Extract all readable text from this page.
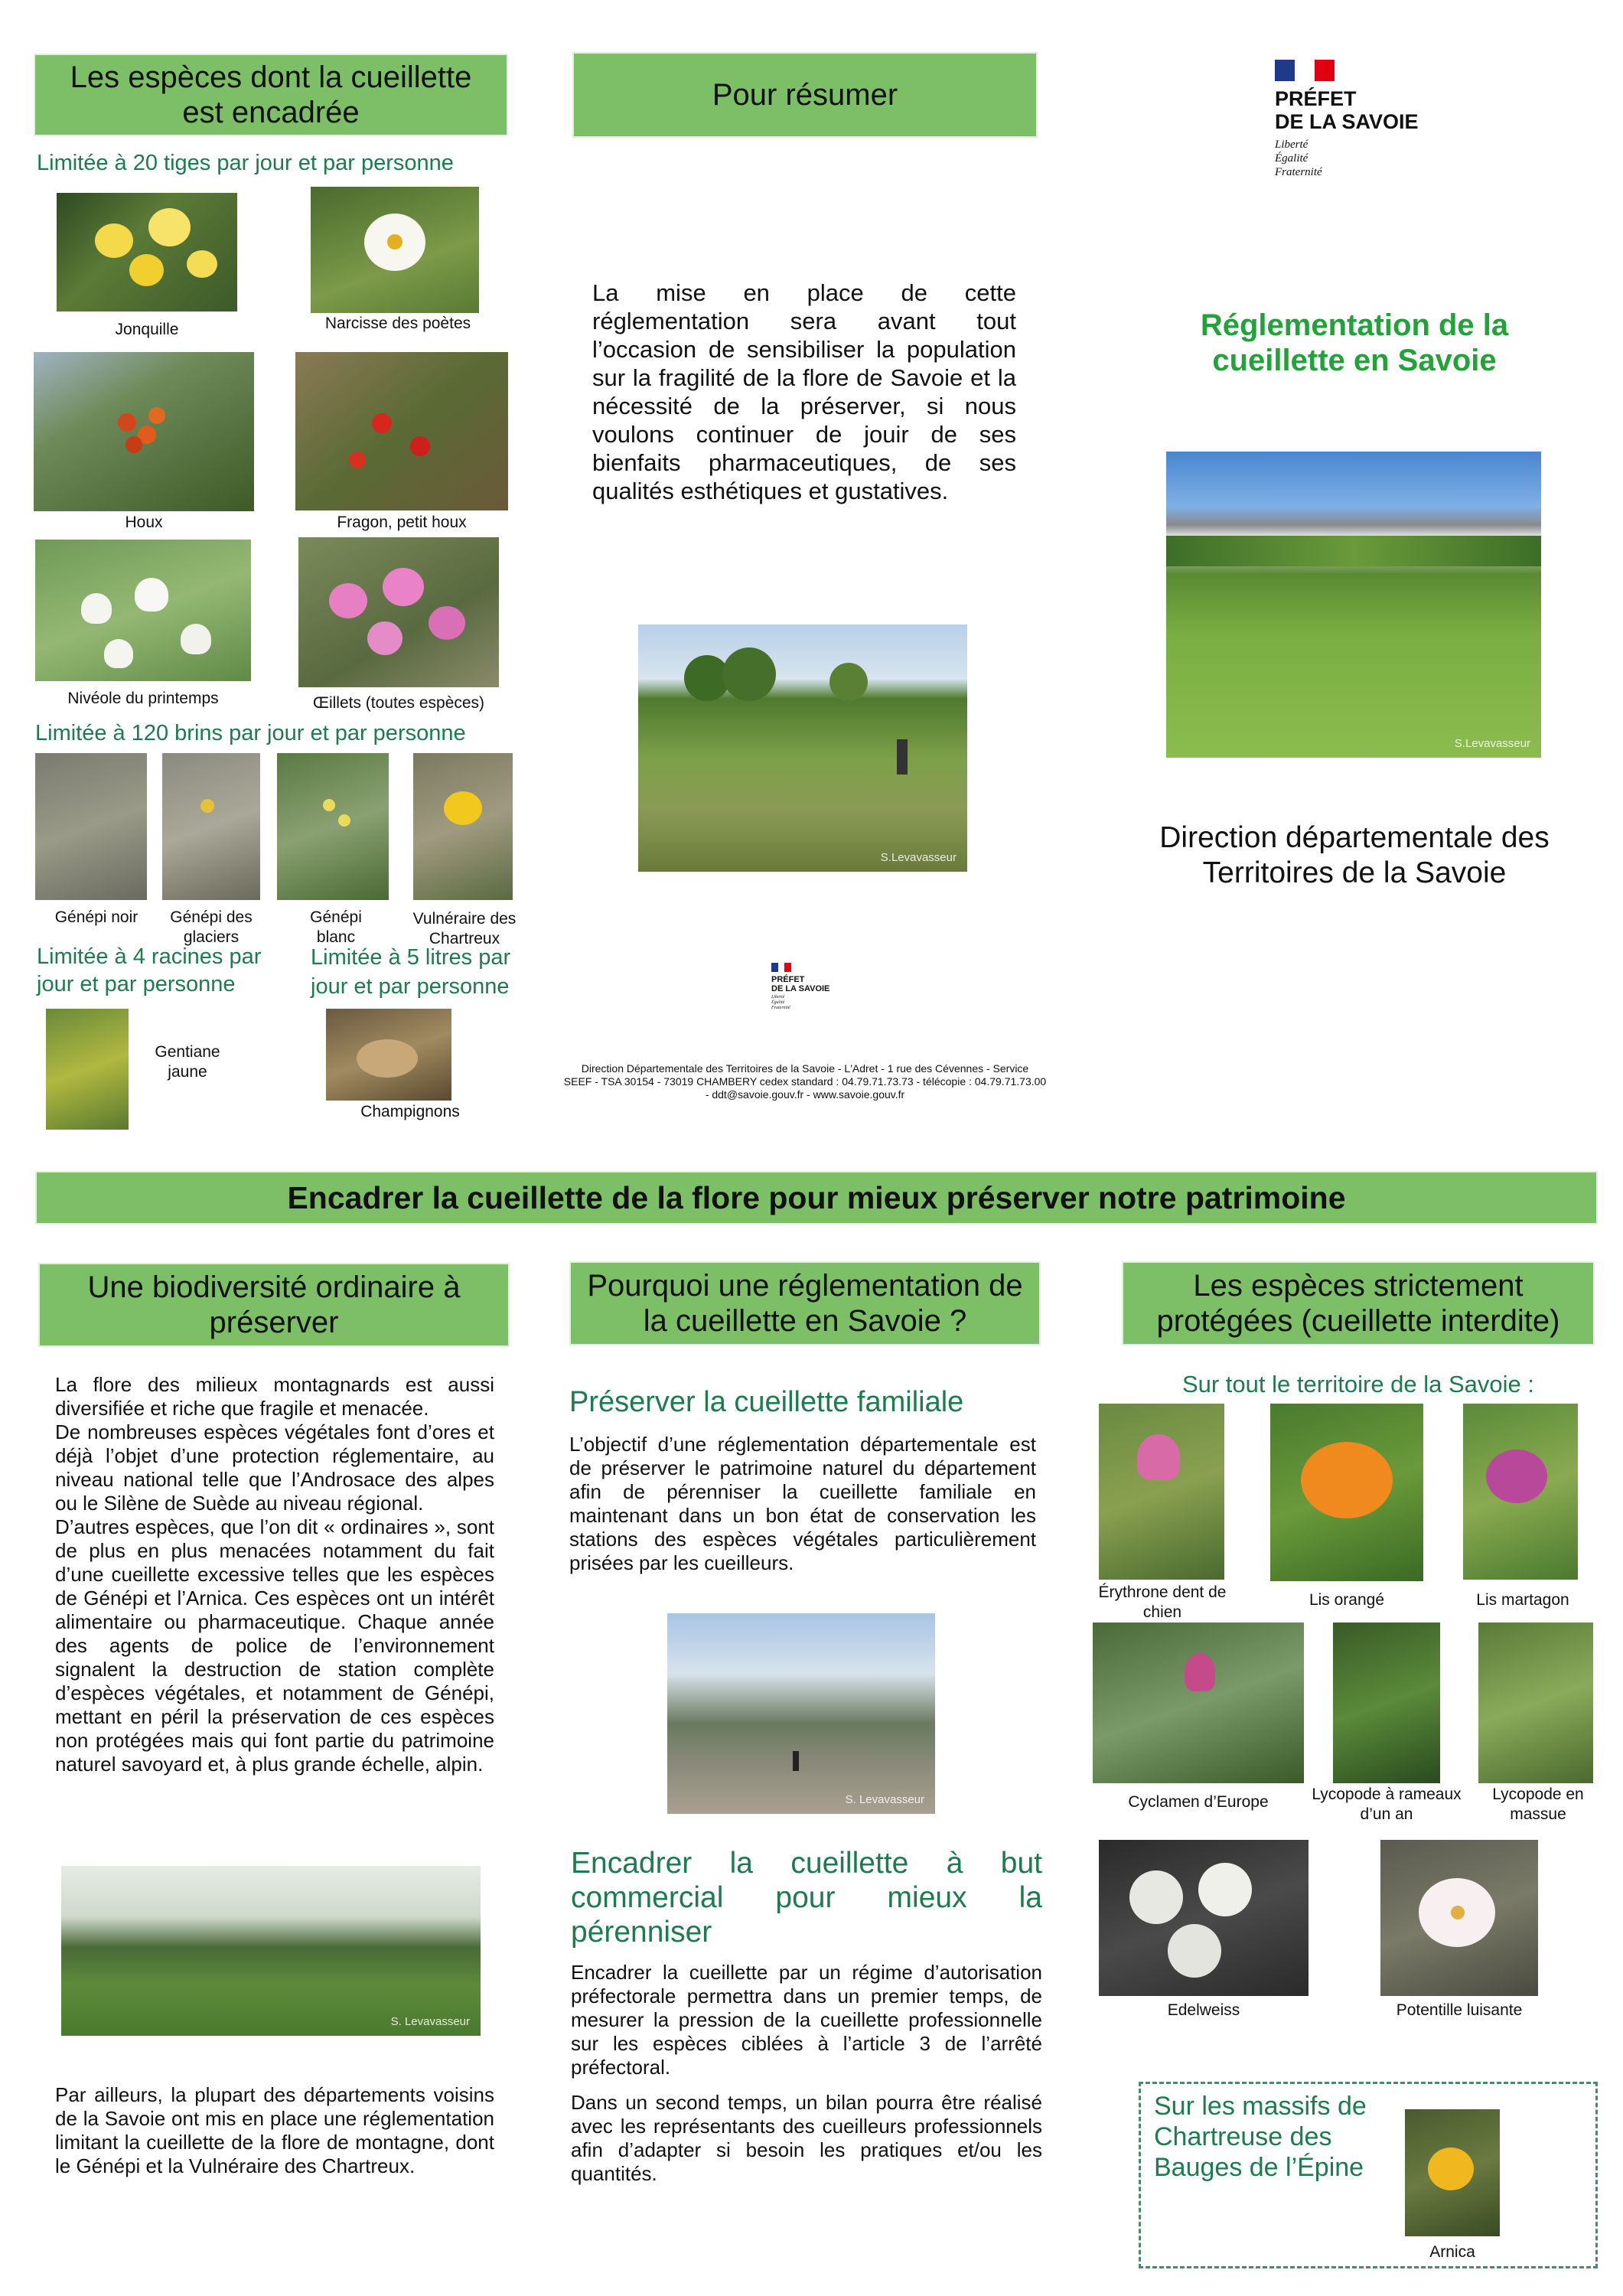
Les espèces dont la cueillette est encadrée
Limitée à 20 tiges par jour et par personne
Jonquille	Narcisse des poètes
Houx	Fragon, petit houx
Nivéole du printemps	Œillets (toutes espèces)
Limitée à 120 brins par jour et par personne
Génépi noir	Génépi des glaciers
Génépi blanc
Vulnéraire des Chartreux
Limitée à 4 racines par jour et par personne
Limitée à 5 litres par jour et par personne
Gentiane jaune
Champignons
Pour résumer
La mise en place de cette réglementation sera avant tout l’occasion de sensibiliser la population sur la fragilité de la flore de Savoie et la nécessité de la préserver, si nous voulons continuer de jouir de ses bienfaits pharmaceutiques, de ses qualités esthétiques et gustatives.
S.Levavasseur
PRÉFET
DE LA SAVOIE
Liberté
Égalité
Fraternité
Direction Départementale des Territoires de la Savoie - L'Adret - 1 rue des Cévennes - Service
SEEF - TSA 30154 - 73019 CHAMBERY cedex standard : 04.79.71.73.73 - télécopie : 04.79.71.73.00
- ddt@savoie.gouv.fr - www.savoie.gouv.fr
PRÉFET
DE LA SAVOIE
Liberté
Égalité
Fraternité
Réglementation de la cueillette en Savoie
S.Levavasseur
Direction départementale des Territoires de la Savoie
Encadrer la cueillette de la flore pour mieux préserver notre patrimoine
Une biodiversité ordinaire à préserver
La flore des milieux montagnards est aussi diversifiée et riche que fragile et menacée.
De nombreuses espèces végétales font d’ores et déjà l’objet d’une protection réglementaire, au niveau national telle que l’Androsace des alpes ou le Silène de Suède au niveau régional.
D’autres espèces, que l’on dit « ordinaires », sont de plus en plus menacées notamment du fait d’une cueillette excessive telles que les espèces de Génépi et l’Arnica. Ces espèces ont un intérêt alimentaire ou pharmaceutique. Chaque année des agents de police de l’environnement signalent la destruction de station complète d’espèces végétales, et notamment de Génépi, mettant en péril la préservation de ces espèces non protégées mais qui font partie du patrimoine naturel savoyard et, à plus grande échelle, alpin.
S. Levavasseur
Par ailleurs, la plupart des départements voisins de la Savoie ont mis en place une réglementation limitant la cueillette de la flore de montagne, dont le Génépi et la Vulnéraire des Chartreux.
Pourquoi une réglementation de la cueillette en Savoie ?
Préserver la cueillette familiale
L’objectif d’une réglementation départementale est de préserver le patrimoine naturel du département afin de pérenniser la cueillette familiale en maintenant dans un bon état de conservation les stations des espèces végétales particulièrement prisées par les cueilleurs.
S. Levavasseur
Encadrer la cueillette à but commercial pour mieux la pérenniser
Encadrer la cueillette par un régime d’autorisation préfectorale permettra dans un premier temps, de mesurer la pression de la cueillette professionnelle sur les espèces ciblées à l’article 3 de l’arrêté préfectoral.
Dans un second temps, un bilan pourra être réalisé avec les représentants des cueilleurs professionnels afin d’adapter si besoin les pratiques et/ou les quantités.
Les espèces strictement protégées (cueillette interdite)
Sur tout le territoire de la Savoie :
Érythrone dent de chien
Lis orangé	Lis martagon
Cyclamen d’Europe	Lycopode à rameaux d’un an
Lycopode en massue
Edelweiss	Potentille luisante
Sur les massifs de Chartreuse des Bauges de l’Épine
Arnica
